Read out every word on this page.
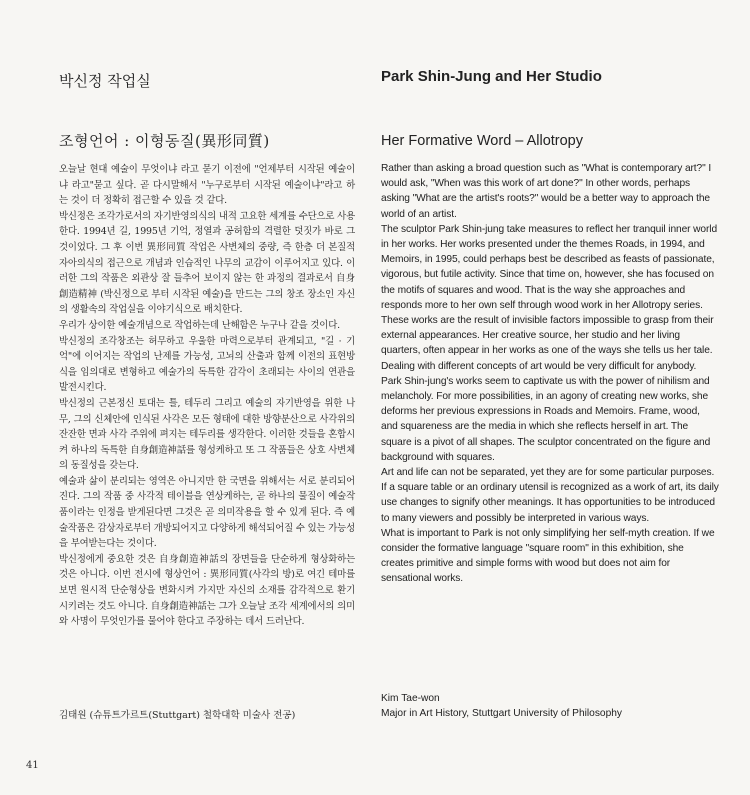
박신정 작업실	Park Shin-Jung and Her Studio
조형언어 : 이형동질(異形同質)	Her Formative Word – Allotropy

오늘날 현대 예술이 무엇이냐 라고 묻기 이전에 "언제부터 시작된 예술이냐 라고"묻고 싶다. 곧 다시말해서 "누구로부터 시작된 예술이냐"라고 하는 것이 더 정확히 접근할 수 있을 것 같다.

박신정은 조각가로서의 자기반영의식의 내적 고요한 세계를 수단으로 사용한다. 1994년 길, 1995년 기억, 정열과 공허함의 격렬한 덧짓가 바로 그것이었다. 그 후 이번 異形同質 작업은 사변체의 중량, 즉 한층 더 본질적 자아의식의 접근으로 개념과 인습적인 나무의 교감이 이루어지고 있다. 이러한 그의 작품은 외관상 잘 들추어 보이지 않는 한 과정의 결과로서 自身創造精神 (박신정으로 부터 시작된 예술)을 만드는 그의 창조 장소인 자신의 생활속의 작업실을 이야기식으로 배치한다.

우리가 상이한 예술개념으로 작업하는데 난해함은 누구나 같을 것이다.

박신정의 조각창조는 허무하고 우울한 마력으로부터 관계되고, "길 · 기억"에 이어지는 작업의 난제를 가능성, 고뇌의 산출과 함께 이전의 표현방식을 임의대로 변형하고 예술가의 독특한 감각이 초래되는 사이의 연관을 발전시킨다.

박신정의 근본정신 토대는 틀, 테두리 그리고 예술의 자기반영을 위한 나무, 그의 신체안에 인식된 사각은 모든 형태에 대한 방향분산으로 사각위의 잔잔한 면과 사각 주위에 펴지는 테두리를 생각한다. 이러한 것들을 혼합시켜 하나의 독특한 自身創造神話를 형성케하고 또 그 작품들은 상호 사변체의 동질성을 갖는다.

예술과 삶이 분리되는 영역은 아니지만 한 국면을 위해서는 서로 분리되어진다. 그의 작품 중 사각적 테이블을 연상케하는, 곧 하나의 물질이 예술작품이라는 인정을 받게된다면 그것은 곧 의미작용을 할 수 있게 된다. 즉 예술작품은 감상자로부터 개방되어지고 다양하게 해석되어질 수 있는 가능성을 부여받는다는 것이다.

박신정에게 중요한 것은 自身創造神話의 장면들을 단순하게 형상화하는 것은 아니다. 이번 전시에 형상언어 : 異形同質(사각의 방)로 여긴 테마를 보면 원시적 단순형상을 변화시켜 가지만 자신의 소재를 감각적으로 환기시키려는 것도 아니다. 自身創造神話는 그가 오늘날 조각 세계에서의 의미와 사명이 무엇인가를 물어야 한다고 주장하는 데서 드러난다.

Rather than asking a broad question such as "What is contemporary art?" I would ask, "When was this work of art done?" In other words, perhaps asking "What are the artist's roots?" would be a better way to approach the world of an artist.

The sculptor Park Shin-jung take measures to reflect her tranquil inner world in her works. Her works presented under the themes Roads, in 1994, and Memoirs, in 1995, could perhaps best be described as feasts of passionate, vigorous, but futile activity. Since that time on, however, she has focused on the motifs of squares and wood. That is the way she approaches and responds more to her own self through wood work in her Allotropy series. These works are the result of invisible factors impossible to grasp from their external appearances. Her creative source, her studio and her living quarters, often appear in her works as one of the ways she tells us her tale.

Dealing with different concepts of art would be very difficult for anybody. Park Shin-jung's works seem to captivate us with the power of nihilism and melancholy. For more possibilities, in an agony of creating new works, she deforms her previous expressions in Roads and Memoirs. Frame, wood, and squareness are the media in which she reflects herself in art. The square is a pivot of all shapes. The sculptor concentrated on the figure and background with squares.

Art and life can not be separated, yet they are for some particular purposes. If a square table or an ordinary utensil is recognized as a work of art, its daily use changes to signify other meanings. It has opportunities to be introduced to many viewers and possibly be interpreted in various ways.

What is important to Park is not only simplifying her self-myth creation. If we consider the formative language "square room" in this exhibition, she creates primitive and simple forms with wood but does not aim for sensational works.

김태원 (슈튜트가르트(Stuttgart) 철학대학 미술사 전공)
Kim Tae-won
Major in Art History, Stuttgart University of Philosophy
41
